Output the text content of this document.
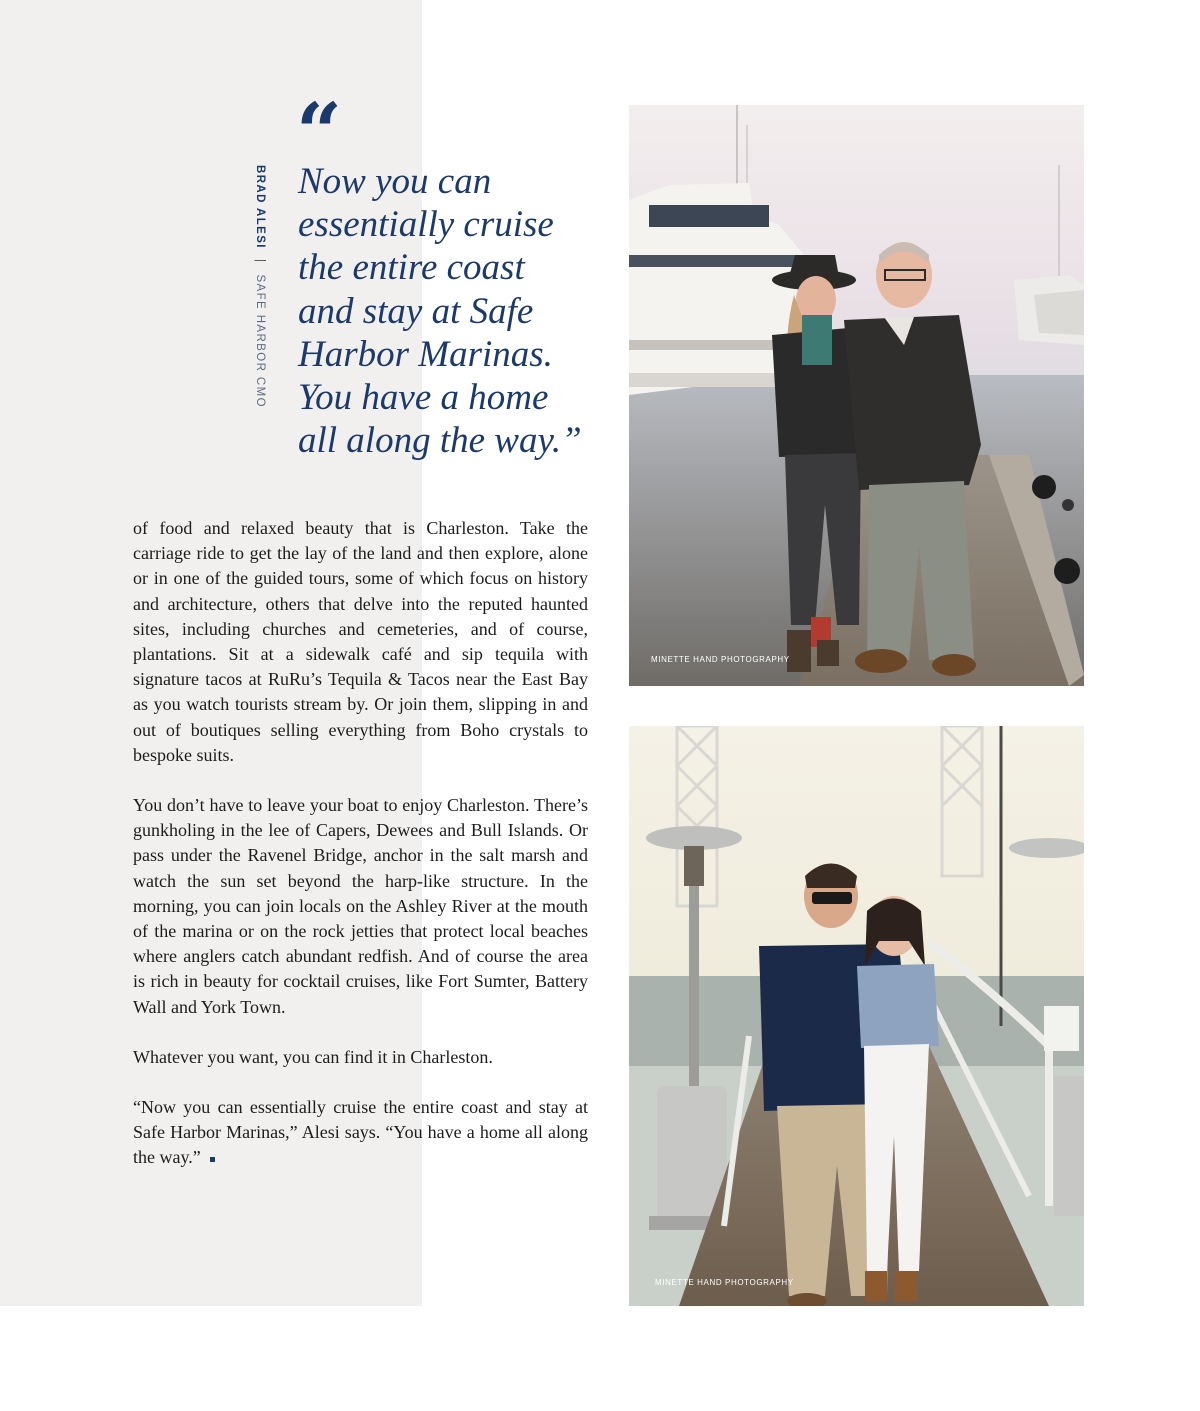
“
BRAD ALESI | SAFE HARBOR CMO
Now you can
essentially cruise
the entire coast
and stay at Safe
Harbor Marinas.
You have a home
all along the way.”

of food and relaxed beauty that is Charleston. Take the carriage ride to get the lay of the land and then explore, alone or in one of the guided tours, some of which focus on history and architecture, others that delve into the reputed haunted sites, including churches and cemeteries, and of course, plantations. Sit at a sidewalk café and sip tequila with signature tacos at RuRu’s Tequila & Tacos near the East Bay as you watch tourists stream by. Or join them, slipping in and out of boutiques selling everything from Boho crystals to bespoke suits.

You don’t have to leave your boat to enjoy Charleston. There’s gunkholing in the lee of Capers, Dewees and Bull Islands. Or pass under the Ravenel Bridge, anchor in the salt marsh and watch the sun set beyond the harp-like structure. In the morning, you can join locals on the Ashley River at the mouth of the marina or on the rock jetties that protect local beaches where anglers catch abundant redfish. And of course the area is rich in beauty for cocktail cruises, like Fort Sumter, Battery Wall and York Town.

Whatever you want, you can find it in Charleston.

“Now you can essentially cruise the entire coast and stay at Safe Harbor Marinas,” Alesi says. “You have a home all along the way.”

MINETTE HAND PHOTOGRAPHY
MINETTE HAND PHOTOGRAPHY
